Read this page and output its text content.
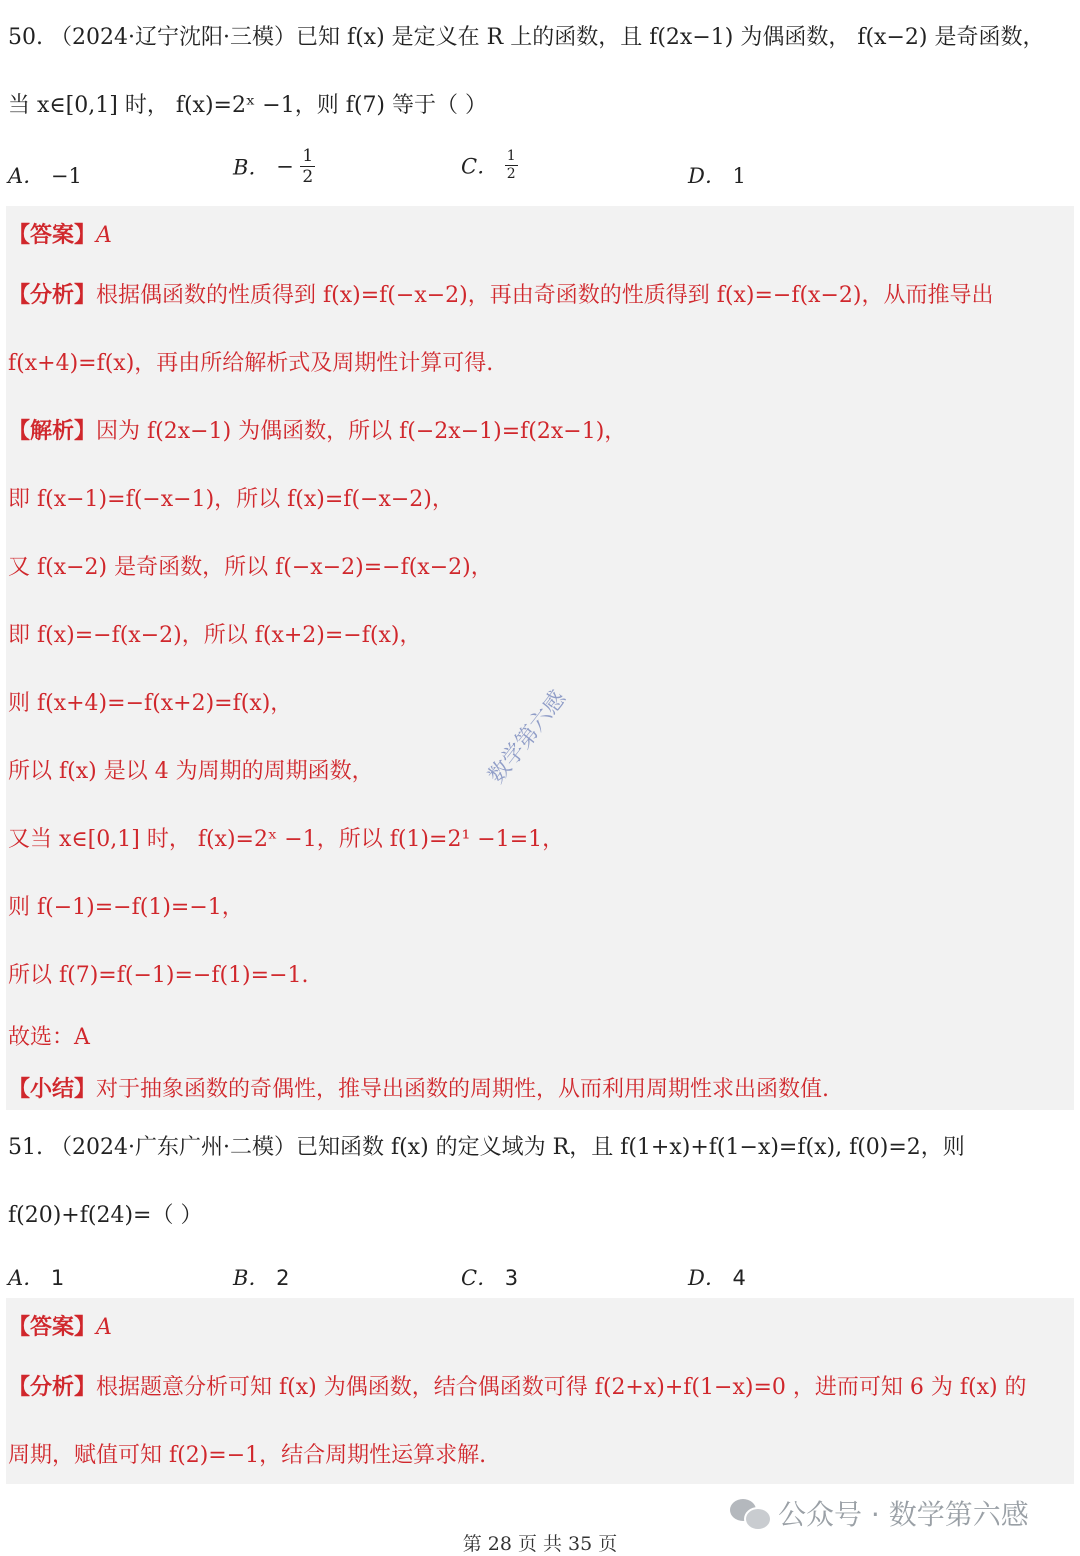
50. （2024·辽宁沈阳·三模）已知 f(x) 是定义在 R 上的函数，且 f(2x−1) 为偶函数， f(x−2) 是奇函数，
当 x∈[0,1] 时， f(x)=2ˣ −1，则 f(7) 等于（ ）
A． −1	B． − $\frac{1}{2}$	C． $\frac{1}{2}$	D． 1
【答案】A
【分析】根据偶函数的性质得到 f(x)=f(−x−2)，再由奇函数的性质得到 f(x)=−f(x−2)，从而推导出
f(x+4)=f(x)，再由所给解析式及周期性计算可得.
【解析】因为 f(2x−1) 为偶函数，所以 f(−2x−1)=f(2x−1)，
即 f(x−1)=f(−x−1)，所以 f(x)=f(−x−2)，
又 f(x−2) 是奇函数，所以 f(−x−2)=−f(x−2)，
即 f(x)=−f(x−2)，所以 f(x+2)=−f(x)，
则 f(x+4)=−f(x+2)=f(x)，
所以 f(x) 是以 4 为周期的周期函数，
又当 x∈[0,1] 时， f(x)=2ˣ −1，所以 f(1)=2¹ −1=1，
则 f(−1)=−f(1)=−1，
所以 f(7)=f(−1)=−f(1)=−1.
故选：A
【小结】对于抽象函数的奇偶性，推导出函数的周期性，从而利用周期性求出函数值.
数学第六感
51. （2024·广东广州·二模）已知函数 f(x) 的定义域为 R，且 f(1+x)+f(1−x)=f(x), f(0)=2，则
f(20)+f(24)=（ ）
A． 1	B． 2	C． 3	D． 4
【答案】A
【分析】根据题意分析可知 f(x) 为偶函数，结合偶函数可得 f(2+x)+f(1−x)=0 ，进而可知 6 为 f(x) 的
周期，赋值可知 f(2)=−1，结合周期性运算求解.
公众号 · 数学第六感
第 28 页 共 35 页
